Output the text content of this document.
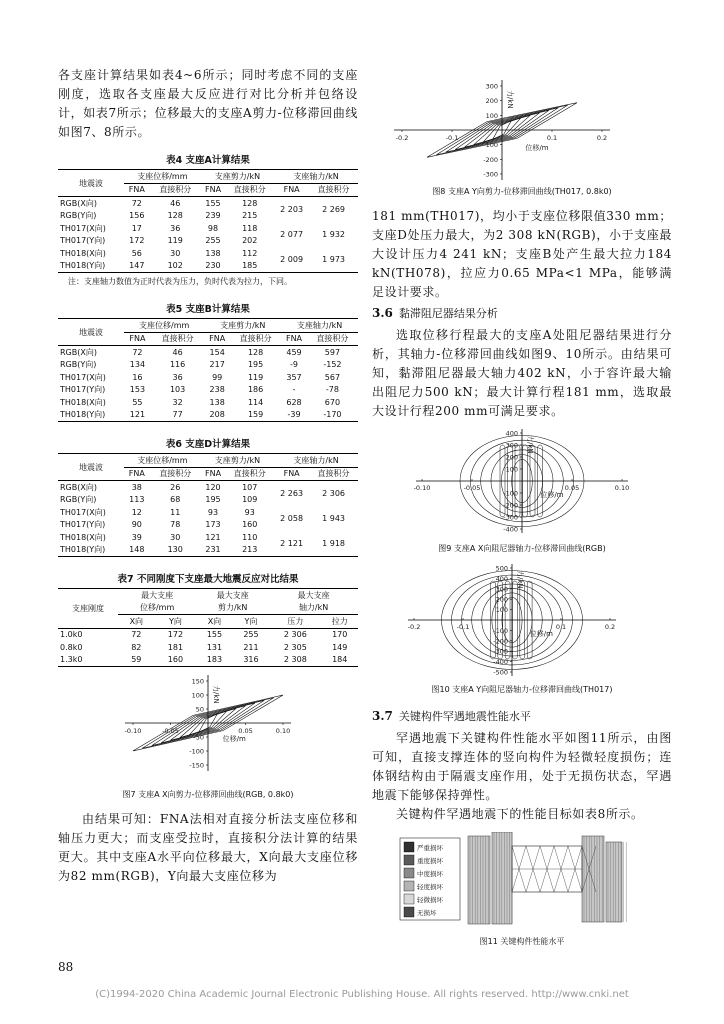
各支座计算结果如表4~6所示；同时考虑不同的支座刚度，选取各支座最大反应进行对比分析并包络设计，如表7所示；位移最大的支座A剪力-位移滞回曲线如图7、8所示。

表4 支座A计算结果

地震波	支座位移/mm		支座剪力/kN		支座轴力/kN	
	FNA	直接积分	FNA	直接积分	FNA	直接积分
RGB(X向)	72	46	155	128	2 203	2 269
RGB(Y向)	156	128	239	215		
TH017(X向)	17	36	98	118	2 077	1 932
TH017(Y向)	172	119	255	202		
TH018(X向)	56	30	138	112	2 009	1 973
TH018(Y向)	147	102	230	185		

注：支座轴力数值为正时代表为压力，负时代表为拉力，下同。

表5 支座B计算结果

地震波	支座位移/mm		支座剪力/kN		支座轴力/kN	
	FNA	直接积分	FNA	直接积分	FNA	直接积分
RGB(X向)	72	46	154	128	459	597
RGB(Y向)	134	116	217	195	-9	-152
TH017(X向)	16	36	99	119	357	567
TH017(Y向)	153	103	238	186	-	-78
TH018(X向)	55	32	138	114	628	670
TH018(Y向)	121	77	208	159	-39	-170

表6 支座D计算结果

地震波	支座位移/mm		支座剪力/kN		支座轴力/kN	
	FNA	直接积分	FNA	直接积分	FNA	直接积分
RGB(X向)	38	26	120	107	2 263	2 306
RGB(Y向)	113	68	195	109		
TH017(X向)	12	11	93	93	2 058	1 943
TH017(Y向)	90	78	173	160		
TH018(X向)	39	30	121	110	2 121	1 918
TH018(Y向)	148	130	231	213		

表7 不同刚度下支座最大地震反应对比结果

支座刚度	最大支座		最大支座		最大支座	
	位移/mm		剪力/kN		轴力/kN	
	X向	Y向	X向	Y向	压力	拉力
1.0k0	72	172	155	255	2 306	170
0.8k0	82	181	131	211	2 305	149
1.3k0	59	160	183	316	2 308	184
150
100
50
-50
-100
-150
-0.10	-0.05	0.05	0.10
力/kN
位移/m

图7 支座A X向剪力-位移滞回曲线(RGB, 0.8k0)

由结果可知：FNA法相对直接分析法支座位移和轴压力更大；而支座受拉时，直接积分法计算的结果更大。其中支座A水平向位移最大，X向最大支座位移为82 mm(RGB)，Y向最大支座位移为

300
200
100
-100
-200
-300
-0.2	-0.1	0.1	0.2
力/kN
位移/m

图8 支座A Y向剪力-位移滞回曲线(TH017, 0.8k0)

181 mm(TH017)，均小于支座位移限值330 mm；支座D处压力最大，为2 308 kN(RGB)，小于支座最大设计压力4 241 kN；支座B处产生最大拉力184 kN(TH078)，拉应力0.65 MPa<1 MPa，能够满足设计要求。

3.6 黏滞阻尼器结果分析

选取位移行程最大的支座A处阻尼器结果进行分析，其轴力-位移滞回曲线如图9、10所示。由结果可知，黏滞阻尼器最大轴力402 kN，小于容许最大输出阻尼力500 kN；最大计算行程181 mm，选取最大设计行程200 mm可满足要求。

400
300
200
100
-100
-200
-300
-400
-0.10	-0.05	0.05	0.10
力/kN
位移/m

图9 支座A X向阻尼器轴力-位移滞回曲线(RGB)

500
400
300
200
100
-100
-200
-300
-400
-500
-0.2	-0.1	0.1	0.2
力/kN
位移/m

图10 支座A Y向阻尼器轴力-位移滞回曲线(TH017)

3.7 关键构件罕遇地震性能水平

罕遇地震下关键构件性能水平如图11所示，由图可知，直接支撑连体的竖向构件为轻微轻度损伤；连体钢结构由于隔震支座作用，处于无损伤状态，罕遇地震下能够保持弹性。

关键构件罕遇地震下的性能目标如表8所示。

严重损坏
重度损坏
中度损坏
轻度损坏
轻微损坏
无损坏

图11 关键构件性能水平

88
(C)1994-2020 China Academic Journal Electronic Publishing House. All rights reserved. http://www.cnki.net
